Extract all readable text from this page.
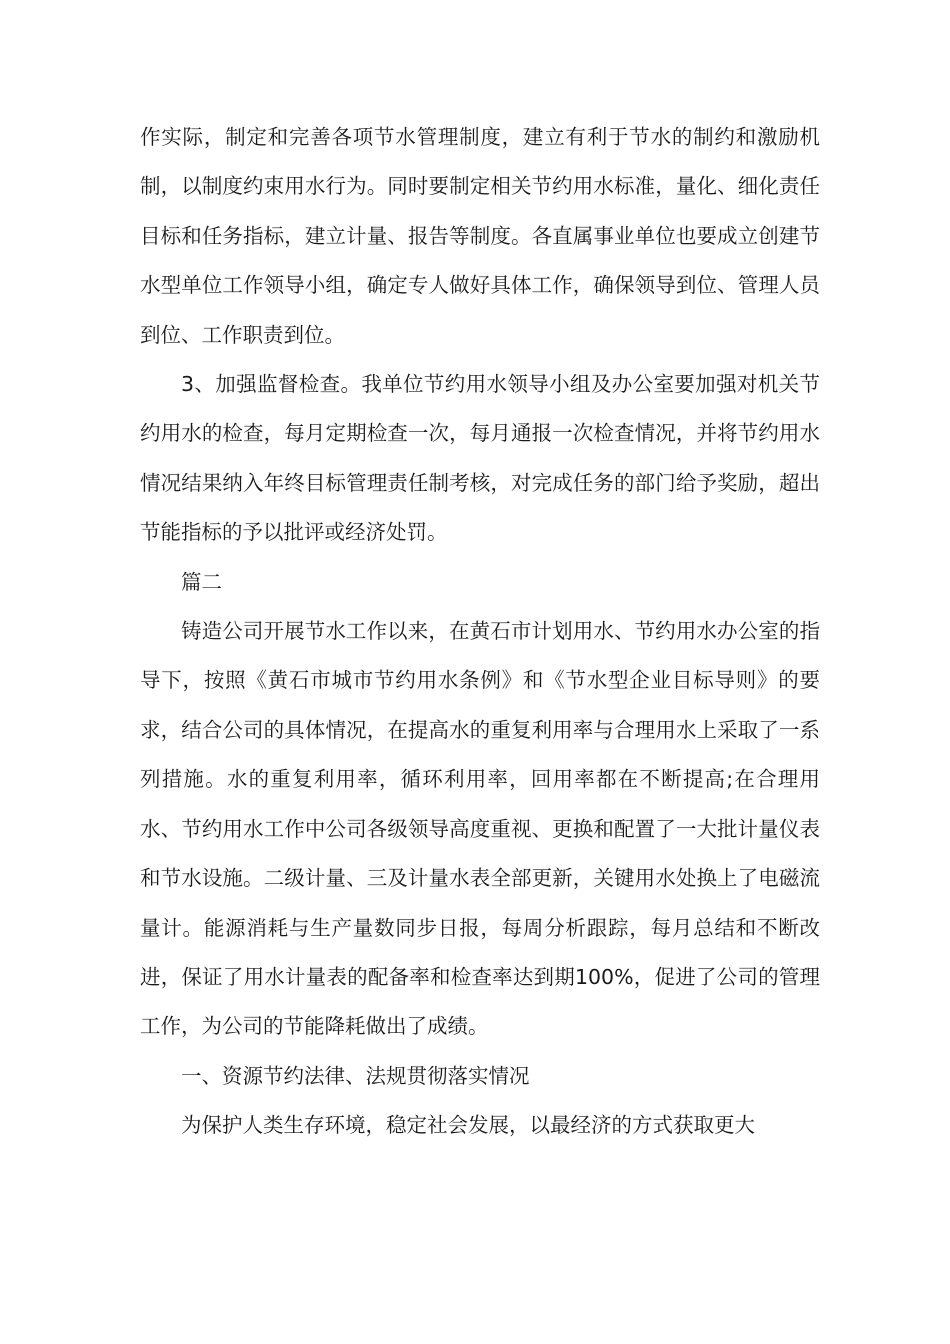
作实际，制定和完善各项节水管理制度，建立有利于节水的制约和激励机制，以制度约束用水行为。同时要制定相关节约用水标准，量化、细化责任目标和任务指标，建立计量、报告等制度。各直属事业单位也要成立创建节水型单位工作领导小组，确定专人做好具体工作，确保领导到位、管理人员到位、工作职责到位。

3、加强监督检查。我单位节约用水领导小组及办公室要加强对机关节约用水的检查，每月定期检查一次，每月通报一次检查情况，并将节约用水情况结果纳入年终目标管理责任制考核，对完成任务的部门给予奖励，超出节能指标的予以批评或经济处罚。

篇二

铸造公司开展节水工作以来，在黄石市计划用水、节约用水办公室的指导下，按照《黄石市城市节约用水条例》和《节水型企业目标导则》的要求，结合公司的具体情况，在提高水的重复利用率与合理用水上采取了一系列措施。水的重复利用率，循环利用率，回用率都在不断提高;在合理用水、节约用水工作中公司各级领导高度重视、更换和配置了一大批计量仪表和节水设施。二级计量、三及计量水表全部更新，关键用水处换上了电磁流量计。能源消耗与生产量数同步日报，每周分析跟踪，每月总结和不断改进，保证了用水计量表的配备率和检查率达到期100%，促进了公司的管理工作，为公司的节能降耗做出了成绩。

一、资源节约法律、法规贯彻落实情况

为保护人类生存环境，稳定社会发展，以最经济的方式获取更大
